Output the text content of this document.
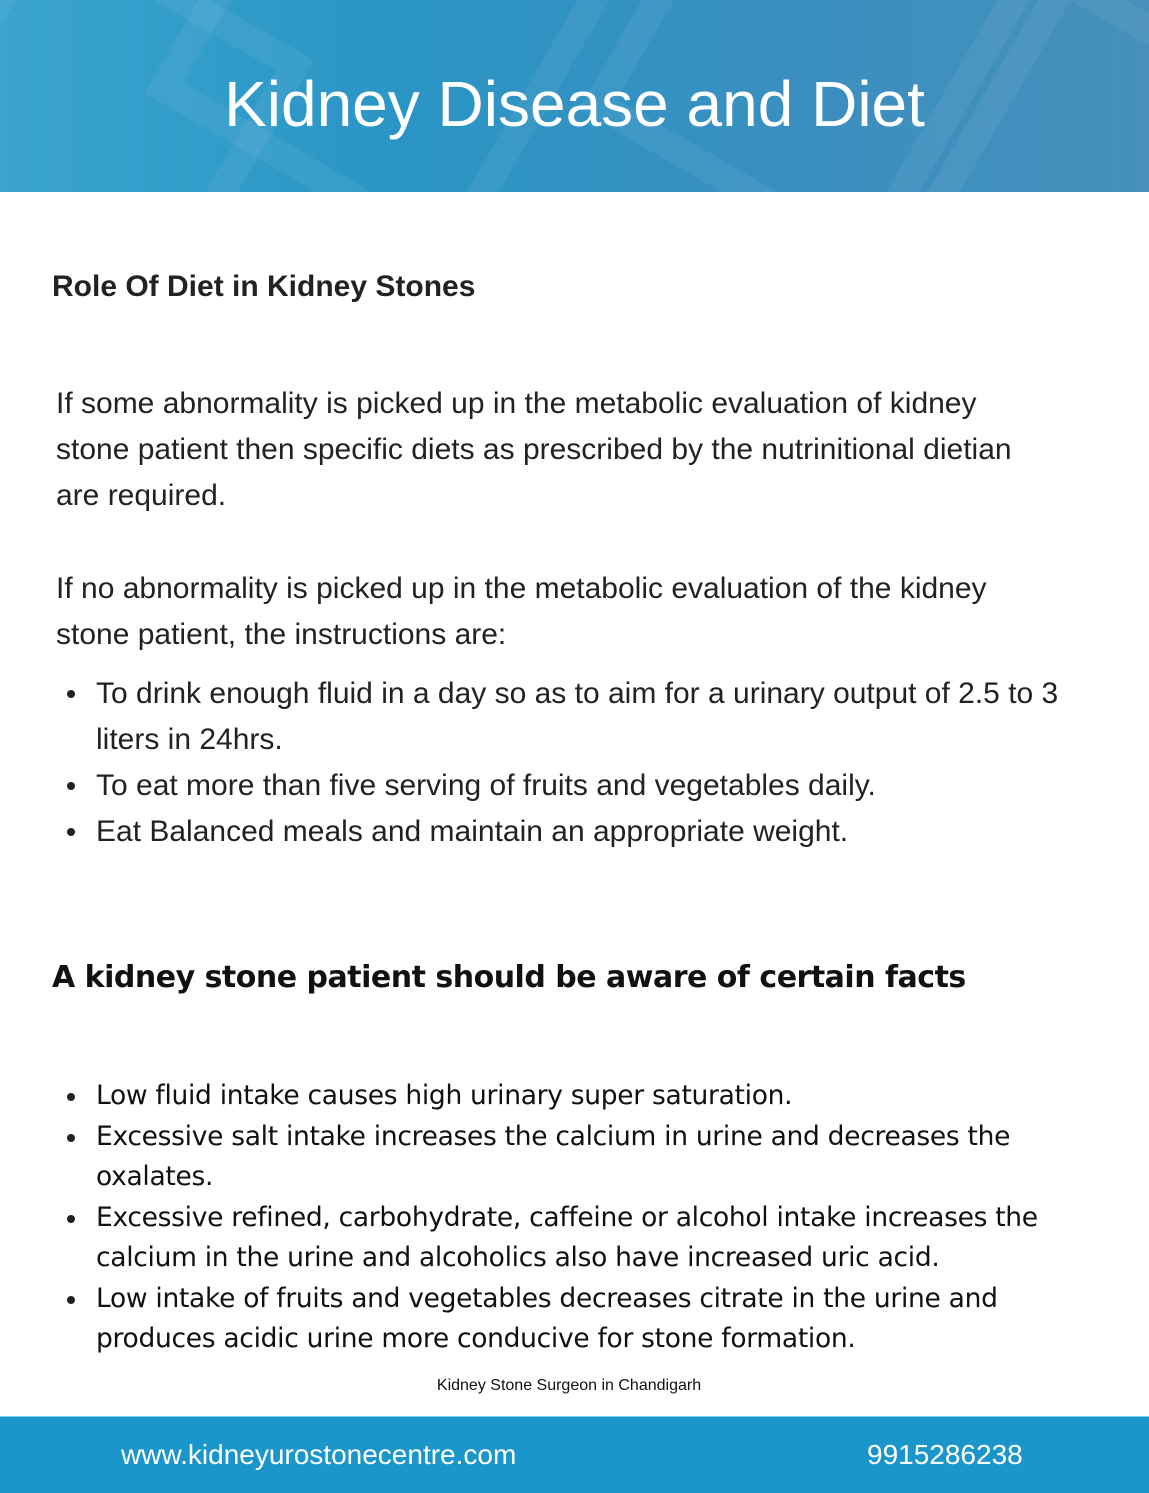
Kidney Disease and Diet
Role Of Diet in Kidney Stones

If some abnormality is picked up in the metabolic evaluation of kidney stone patient then specific diets as prescribed by the nutrinitional dietian are required.

If no abnormality is picked up in the metabolic evaluation of the kidney stone patient, the instructions are:

To drink enough fluid in a day so as to aim for a urinary output of 2.5 to 3 liters in 24hrs.
To eat more than five serving of fruits and vegetables daily.
Eat Balanced meals and maintain an appropriate weight.
A kidney stone patient should be aware of certain facts
Low fluid intake causes high urinary super saturation.
Excessive salt intake increases the calcium in urine and decreases the oxalates.
Excessive refined, carbohydrate, caffeine or alcohol intake increases the calcium in the urine and alcoholics also have increased uric acid.
Low intake of fruits and vegetables decreases citrate in the urine and produces acidic urine more conducive for stone formation.
Kidney Stone Surgeon in Chandigarh
www.kidneyurostonecentre.com	9915286238
